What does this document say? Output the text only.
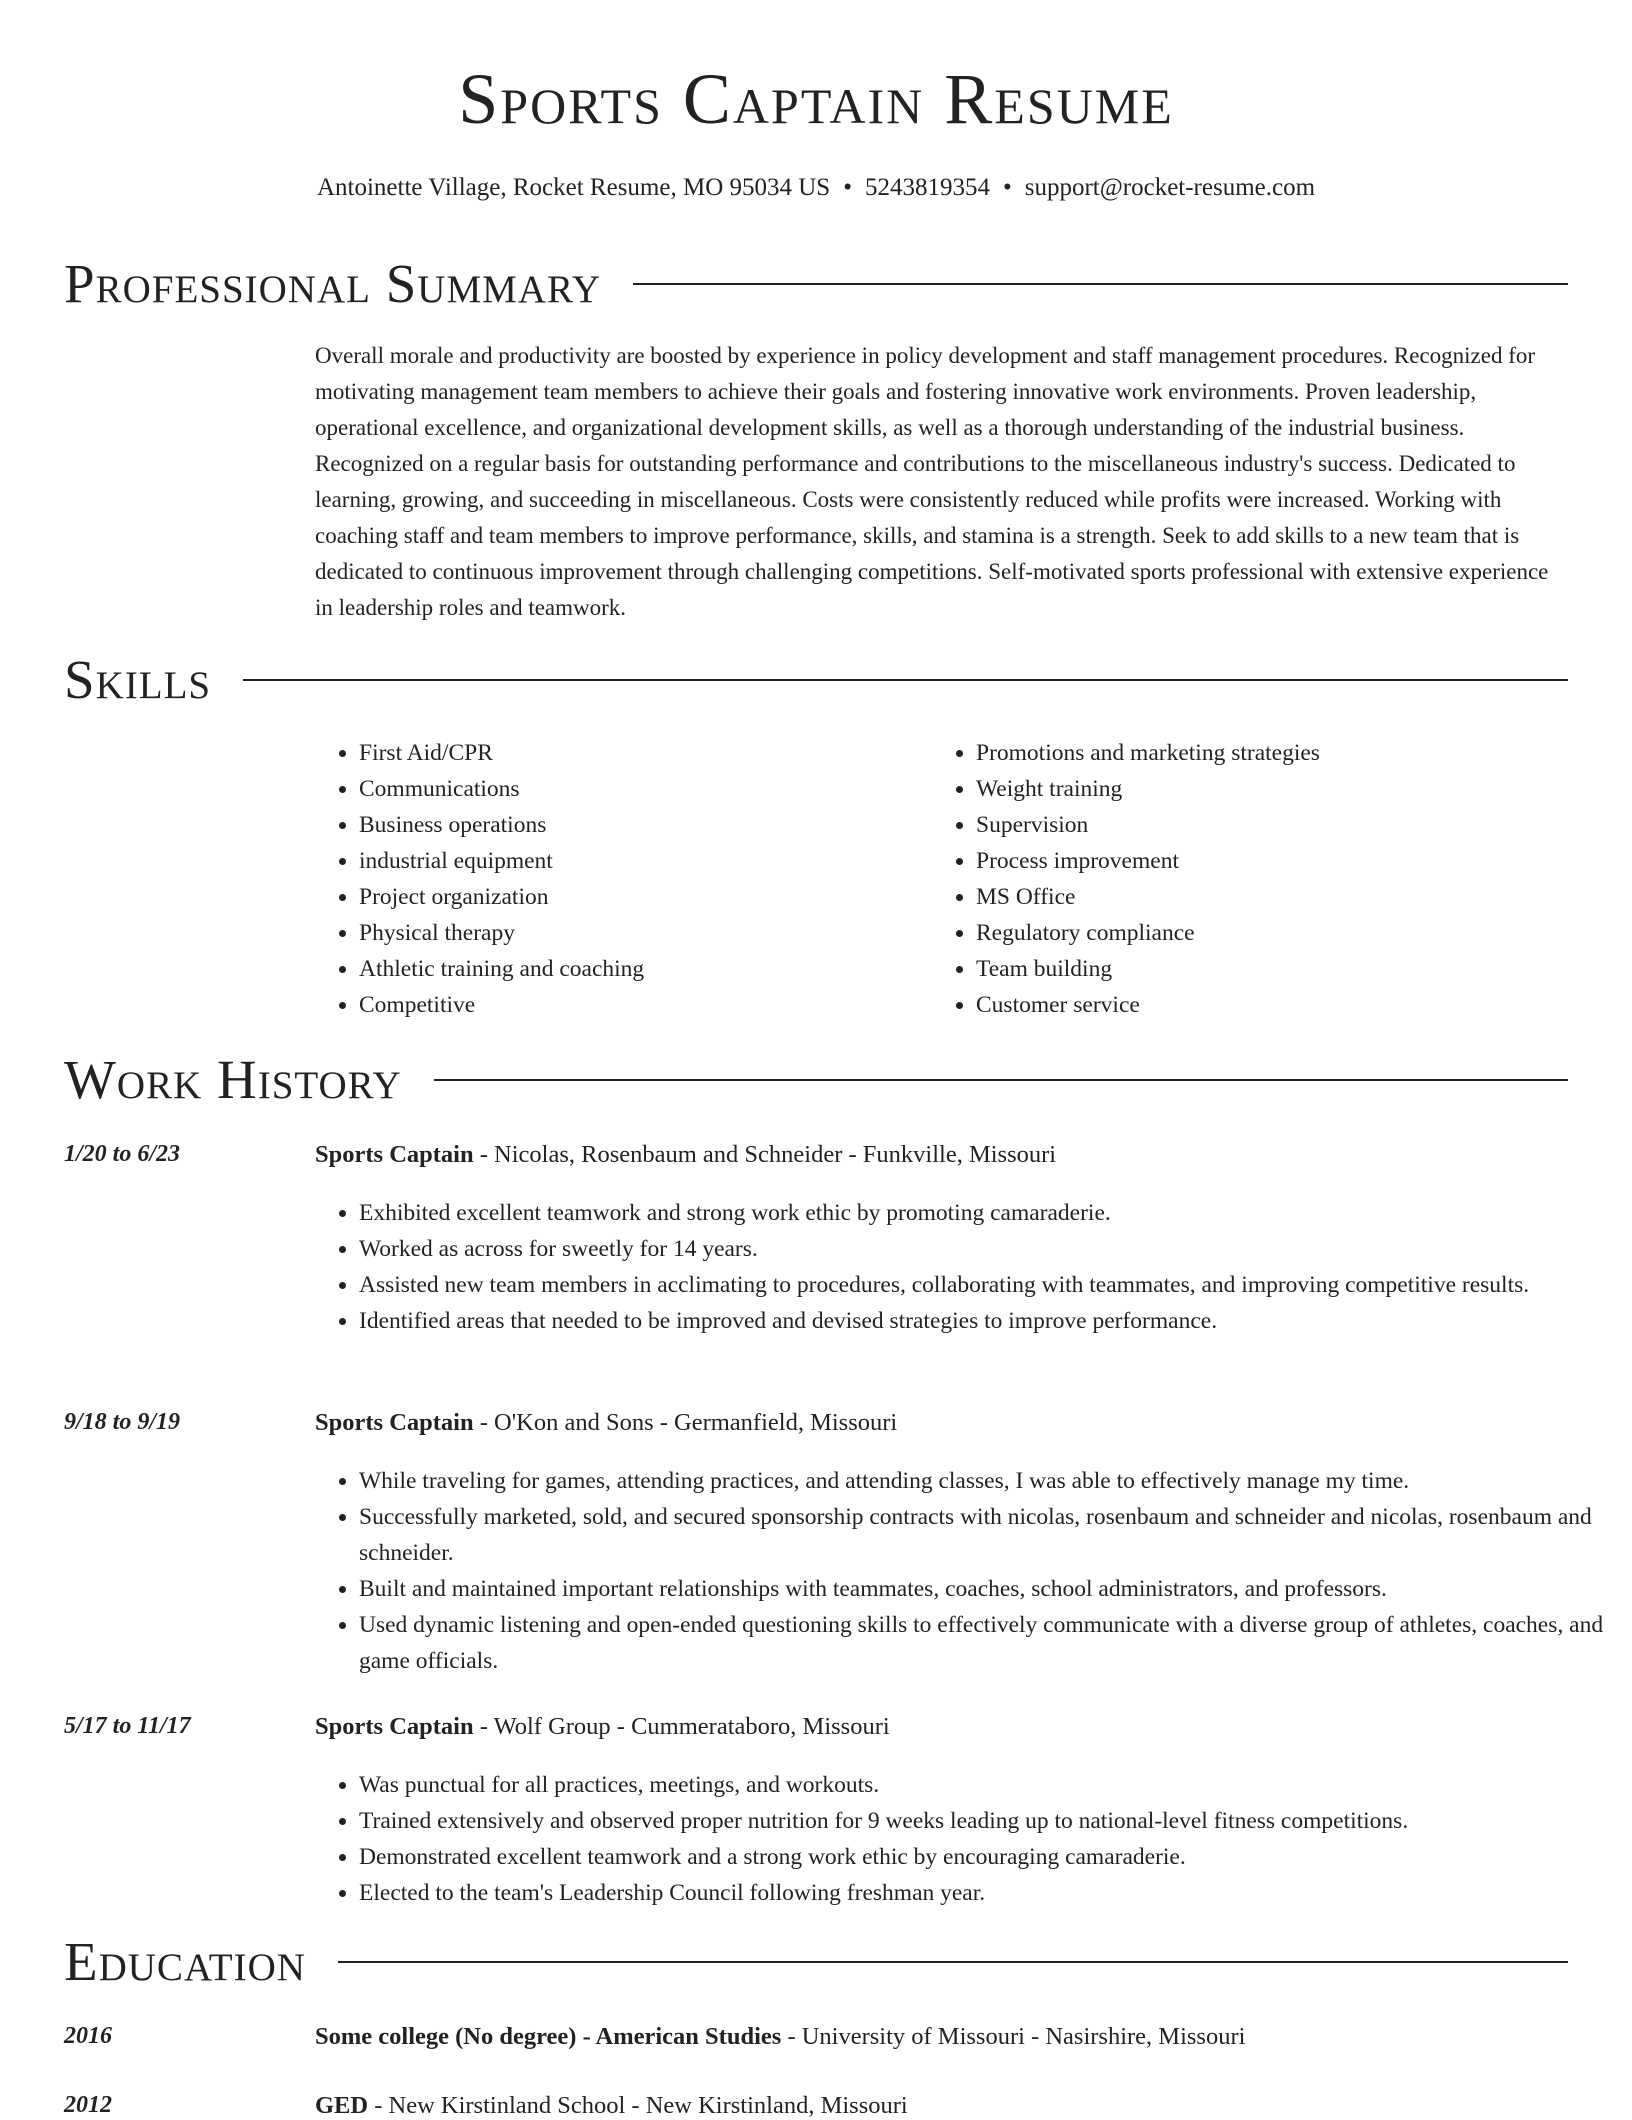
Sports Captain Resume
Antoinette Village, Rocket Resume, MO 95034 US • 5243819354 • support@rocket-resume.com
Professional Summary
Overall morale and productivity are boosted by experience in policy development and staff management procedures. Recognized for motivating management team members to achieve their goals and fostering innovative work environments. Proven leadership, operational excellence, and organizational development skills, as well as a thorough understanding of the industrial business. Recognized on a regular basis for outstanding performance and contributions to the miscellaneous industry's success. Dedicated to learning, growing, and succeeding in miscellaneous. Costs were consistently reduced while profits were increased. Working with coaching staff and team members to improve performance, skills, and stamina is a strength. Seek to add skills to a new team that is dedicated to continuous improvement through challenging competitions. Self-motivated sports professional with extensive experience in leadership roles and teamwork.
Skills
• First Aid/CPR
• Communications
• Business operations
• industrial equipment
• Project organization
• Physical therapy
• Athletic training and coaching
• Competitive
• Promotions and marketing strategies
• Weight training
• Supervision
• Process improvement
• MS Office
• Regulatory compliance
• Team building
• Customer service
Work History
1/20 to 6/23	Sports Captain - Nicolas, Rosenbaum and Schneider - Funkville, Missouri
• Exhibited excellent teamwork and strong work ethic by promoting camaraderie.
• Worked as across for sweetly for 14 years.
• Assisted new team members in acclimating to procedures, collaborating with teammates, and improving competitive results.
• Identified areas that needed to be improved and devised strategies to improve performance.
9/18 to 9/19	Sports Captain - O'Kon and Sons - Germanfield, Missouri
• While traveling for games, attending practices, and attending classes, I was able to effectively manage my time.
• Successfully marketed, sold, and secured sponsorship contracts with nicolas, rosenbaum and schneider and nicolas, rosenbaum and schneider.
• Built and maintained important relationships with teammates, coaches, school administrators, and professors.
• Used dynamic listening and open-ended questioning skills to effectively communicate with a diverse group of athletes, coaches, and game officials.
5/17 to 11/17	Sports Captain - Wolf Group - Cummerataboro, Missouri
• Was punctual for all practices, meetings, and workouts.
• Trained extensively and observed proper nutrition for 9 weeks leading up to national-level fitness competitions.
• Demonstrated excellent teamwork and a strong work ethic by encouraging camaraderie.
• Elected to the team's Leadership Council following freshman year.
Education
2016	Some college (No degree) - American Studies - University of Missouri - Nasirshire, Missouri
2012	GED - New Kirstinland School - New Kirstinland, Missouri
